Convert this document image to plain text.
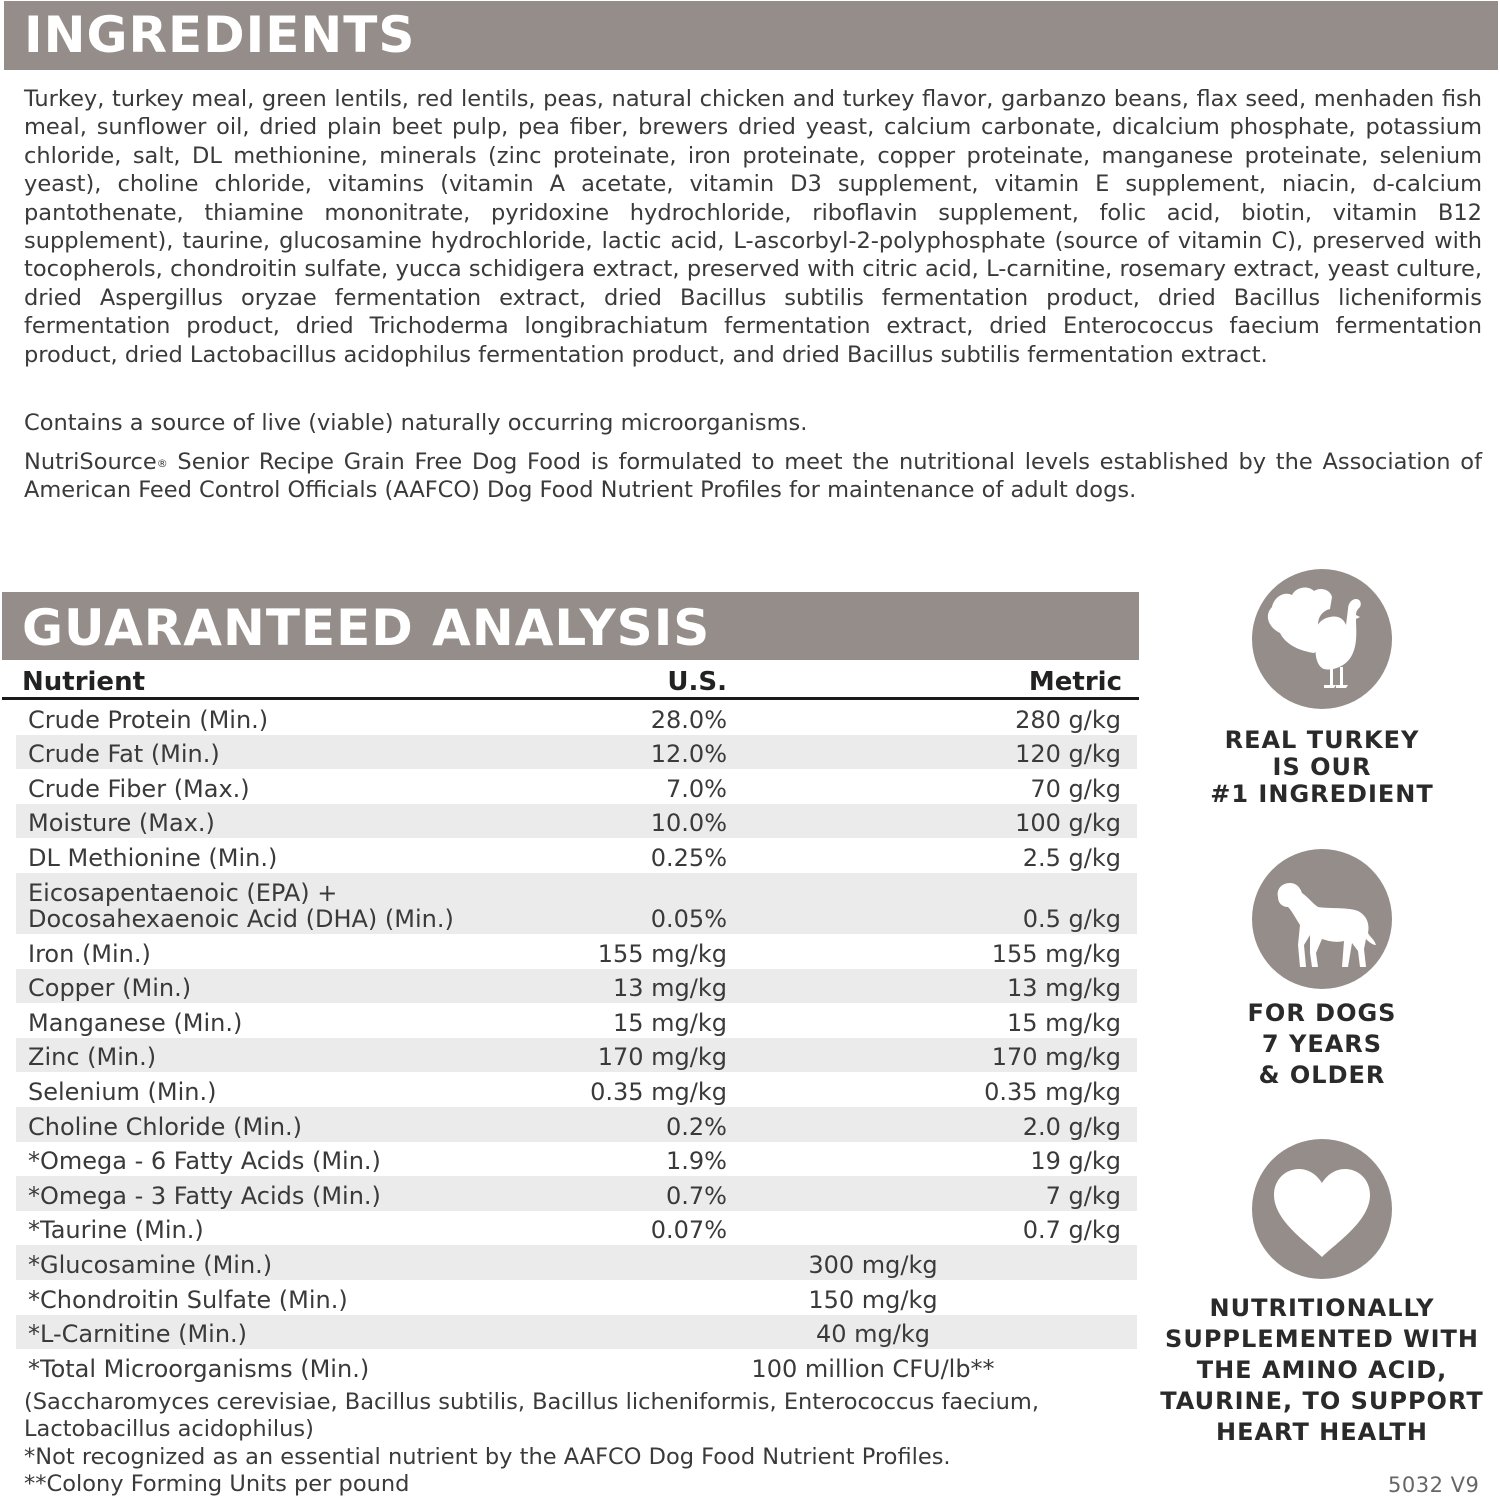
INGREDIENTS

Turkey, turkey meal, green lentils, red lentils, peas, natural chicken and turkey flavor, garbanzo beans, flax seed, menhaden fish meal, sunflower oil, dried plain beet pulp, pea fiber, brewers dried yeast, calcium carbonate, dicalcium phosphate, potassium chloride, salt, DL methionine, minerals (zinc proteinate, iron proteinate, copper proteinate, manganese proteinate, selenium yeast), choline chloride, vitamins (vitamin A acetate, vitamin D3 supplement, vitamin E supplement, niacin, d-calcium pantothenate, thiamine mononitrate, pyridoxine hydrochloride, riboflavin supplement, folic acid, biotin, vitamin B12 supplement), taurine, glucosamine hydrochloride, lactic acid, L-ascorbyl-2-polyphosphate (source of vitamin C), preserved with tocopherols, chondroitin sulfate, yucca schidigera extract, preserved with citric acid, L-carnitine, rosemary extract, yeast culture, dried Aspergillus oryzae fermentation extract, dried Bacillus subtilis fermentation product, dried Bacillus licheniformis fermentation product, dried Trichoderma longibrachiatum fermentation extract, dried Enterococcus faecium fermentation product, dried Lactobacillus acidophilus fermentation product, and dried Bacillus subtilis fermentation extract.

Contains a source of live (viable) naturally occurring microorganisms.

NutriSource® Senior Recipe Grain Free Dog Food is formulated to meet the nutritional levels established by the Association of American Feed Control Officials (AAFCO) Dog Food Nutrient Profiles for maintenance of adult dogs.

GUARANTEED ANALYSIS
Nutrient	U.S.	Metric
Crude Protein (Min.)	28.0%	280 g/kg
Crude Fat (Min.)	12.0%	120 g/kg
Crude Fiber (Max.)	7.0%	70 g/kg
Moisture (Max.)	10.0%	100 g/kg
DL Methionine (Min.)	0.25%	2.5 g/kg
Eicosapentaenoic (EPA) +
Docosahexaenoic Acid (DHA) (Min.)	0.05%	0.5 g/kg
Iron (Min.)	155 mg/kg	155 mg/kg
Copper (Min.)	13 mg/kg	13 mg/kg
Manganese (Min.)	15 mg/kg	15 mg/kg
Zinc (Min.)	170 mg/kg	170 mg/kg
Selenium (Min.)	0.35 mg/kg	0.35 mg/kg
Choline Chloride (Min.)	0.2%	2.0 g/kg
*Omega - 6 Fatty Acids (Min.)	1.9%	19 g/kg
*Omega - 3 Fatty Acids (Min.)	0.7%	7 g/kg
*Taurine (Min.)	0.07%	0.7 g/kg
*Glucosamine (Min.)	300 mg/kg
*Chondroitin Sulfate (Min.)	150 mg/kg
*L-Carnitine (Min.)	40 mg/kg
*Total Microorganisms (Min.)	100 million CFU/lb**

(Saccharomyces cerevisiae, Bacillus subtilis, Bacillus licheniformis, Enterococcus faecium, Lactobacillus acidophilus)

*Not recognized as an essential nutrient by the AAFCO Dog Food Nutrient Profiles.

**Colony Forming Units per pound	5032 V9
REAL TURKEY
IS OUR
#1 INGREDIENT
FOR DOGS
7 YEARS
& OLDER
NUTRITIONALLY
SUPPLEMENTED WITH
THE AMINO ACID,
TAURINE, TO SUPPORT
HEART HEALTH
